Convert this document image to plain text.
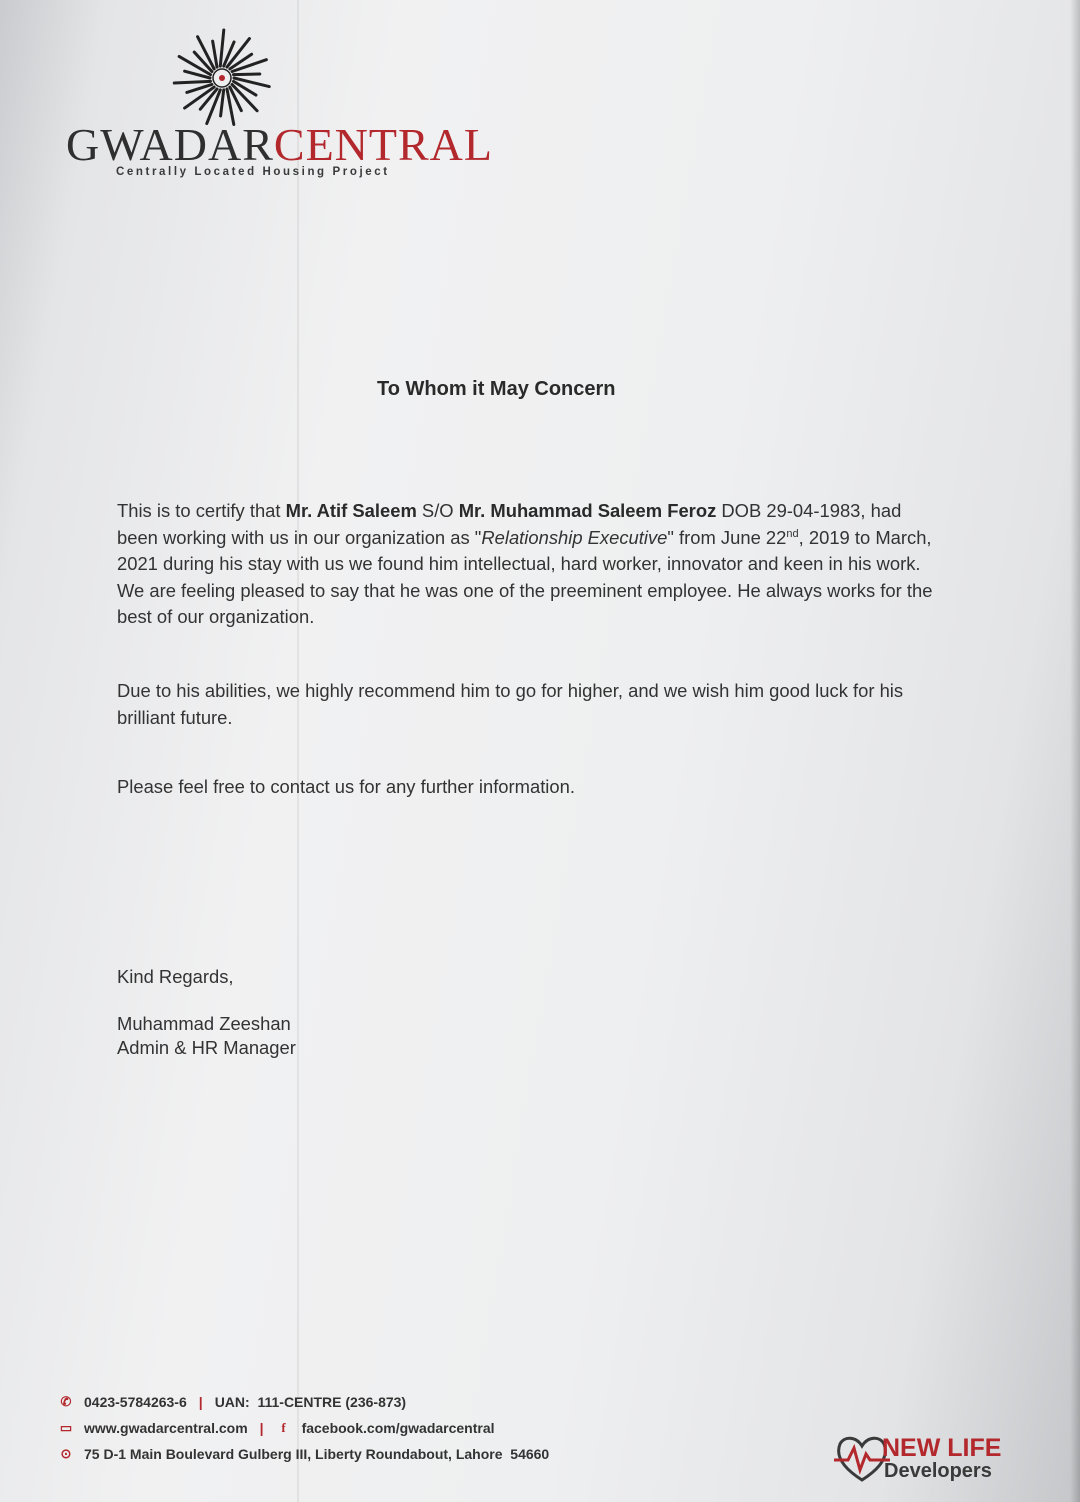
GWADARCENTRAL
Centrally Located Housing Project
To Whom it May Concern

This is to certify that Mr. Atif Saleem S/O Mr. Muhammad Saleem Feroz DOB 29-04-1983, had been working with us in our organization as "Relationship Executive" from June 22nd, 2019 to March, 2021 during his stay with us we found him intellectual, hard worker, innovator and keen in his work. We are feeling pleased to say that he was one of the preeminent employee. He always works for the best of our organization.

Due to his abilities, we highly recommend him to go for higher, and we wish him good luck for his brilliant future.

Please feel free to contact us for any further information.

Kind Regards,
Muhammad Zeeshan
Admin & HR Manager
✆ 0423-5784263-6 | UAN:
111-CENTRE (236-873)
▭ www.gwadarcentral.com |	f	facebook.com/gwadarcentral
⊙ 75 D-1 Main Boulevard Gulberg III, Liberty Roundabout, Lahore
54660	NEW LIFE
Developers
